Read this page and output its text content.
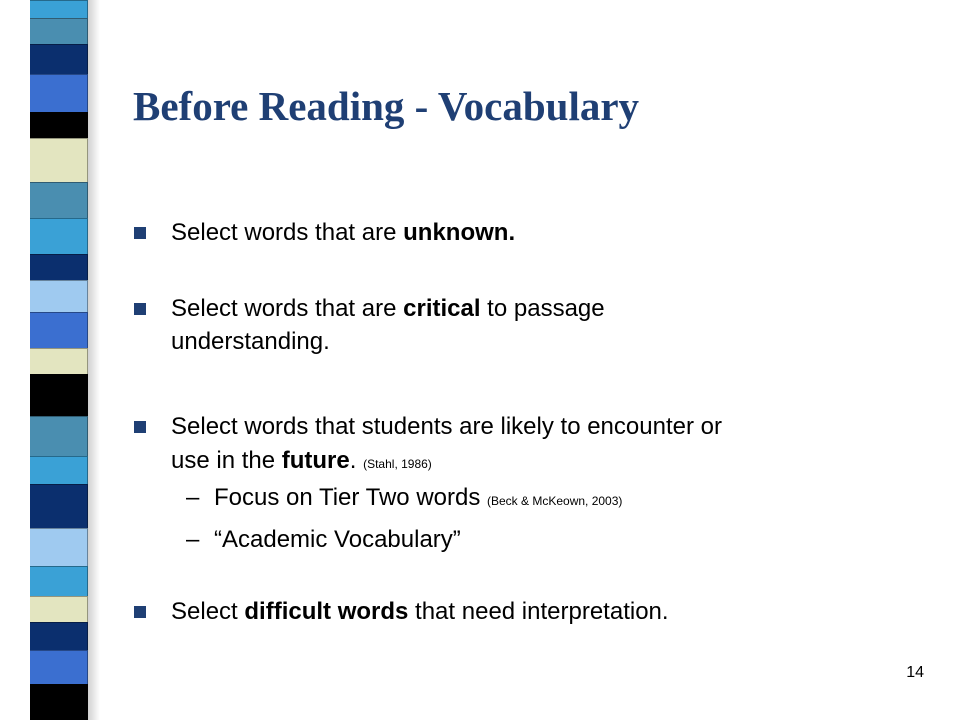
Before Reading - Vocabulary
Select words that are unknown.
Select words that are critical to passage
understanding.
Select words that students are likely to encounter or
use in the future. (Stahl, 1986)
– Focus on Tier Two words (Beck & McKeown, 2003)
– “Academic Vocabulary”
Select difficult words that need interpretation.
14
